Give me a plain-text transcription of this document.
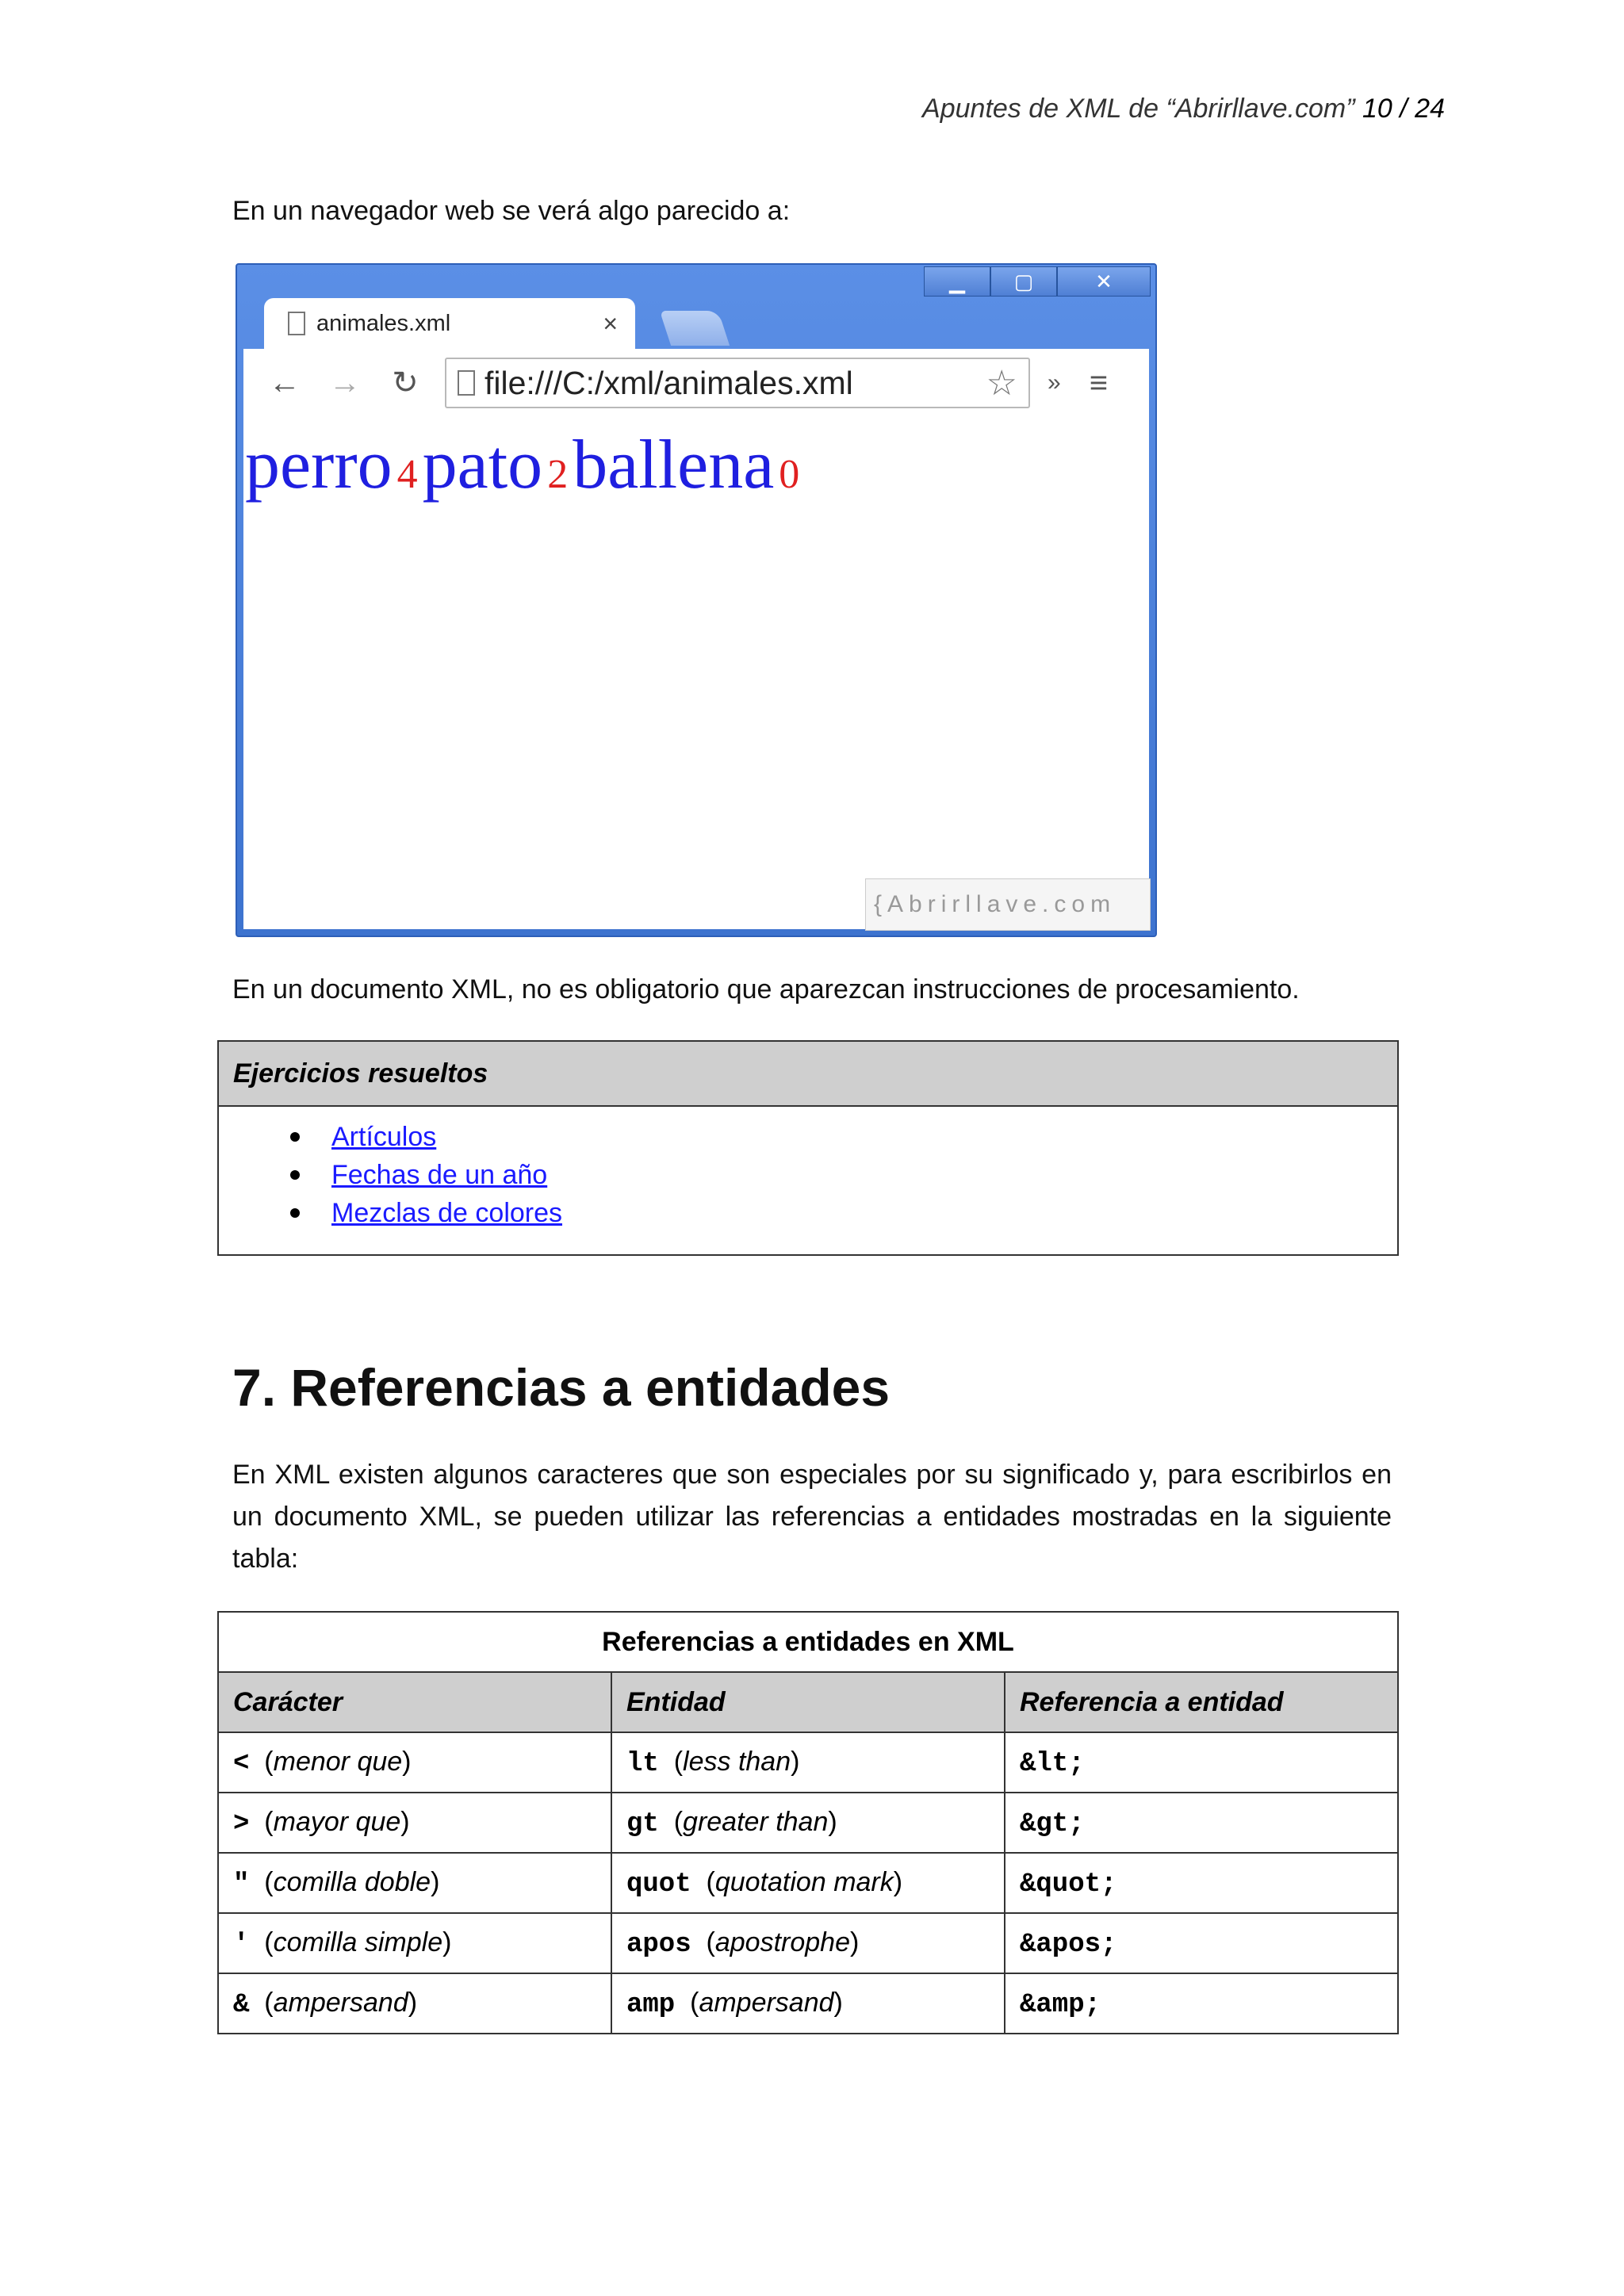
Apuntes de XML de “Abrirllave.com” 10 / 24
En un navegador web se verá algo parecido a:
▁	▢	✕
animales.xml	×
← → ↻ file:///C:/xml/animales.xml	☆ » ≡
perro 4pato 2ballena 0
{Abrirllave.com
En un documento XML, no es obligatorio que aparezcan instrucciones de procesamiento.
Ejercicios resueltos
Artículos
Fechas de un año
Mezclas de colores
7. Referencias a entidades
En XML existen algunos caracteres que son especiales por su significado y, para escribirlos en un documento XML, se pueden utilizar las referencias a entidades mostradas en la siguiente tabla:
Referencias a entidades en XML		
Carácter	Entidad	Referencia a entidad
<  (menor que)	lt  (less than)	&lt;
>  (mayor que)	gt  (greater than)	&gt;
"  (comilla doble)	quot  (quotation mark)	&quot;
'  (comilla simple)	apos  (apostrophe)	&apos;
&  (ampersand)	amp  (ampersand)	&amp;
